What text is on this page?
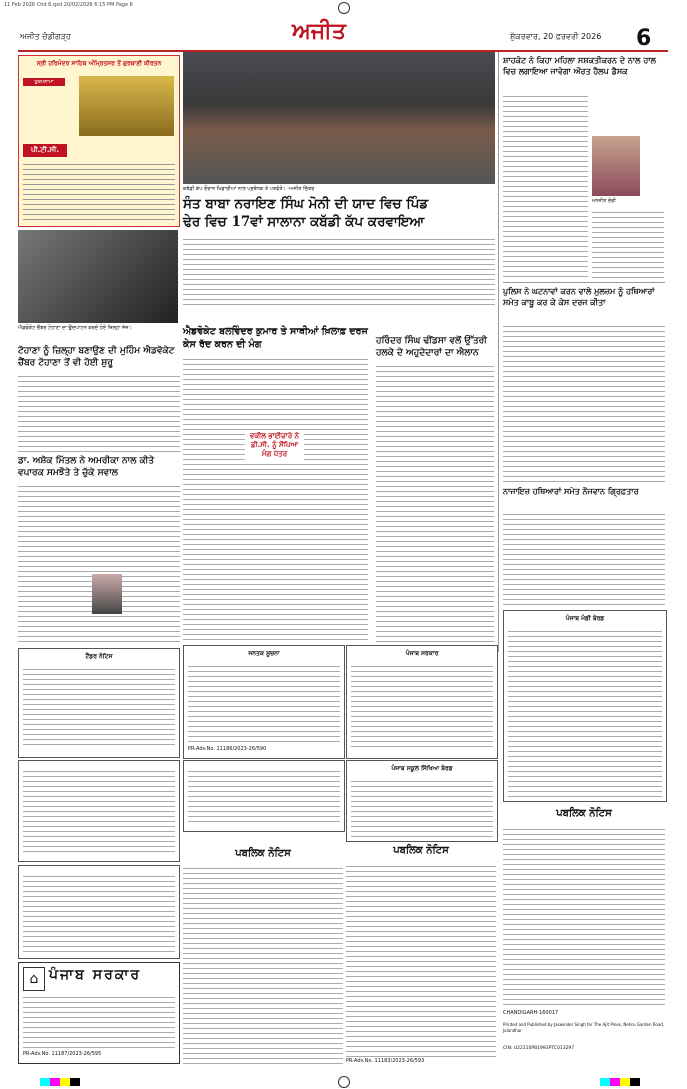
11 Feb 2026 Chd 6.qxd 20/02/2026 6:15 PM Page 6
ਅਜੀਤ ਚੰਡੀਗੜ੍ਹ	ਅਜੀਤ	ਸ਼ੁੱਕਰਵਾਰ, 20 ਫ਼ਰਵਰੀ 2026 6
ਸ੍ਰੀ ਹਰਿਮੰਦਰ ਸਾਹਿਬ ਅੰਮ੍ਰਿਤਸਰ ਤੋਂ ਗੁਰਬਾਣੀ ਕੀਰਤਨ
ਹੁਕਮਨਾਮਾ
ਪੀ.ਟੀ.ਸੀ.
ਕਬੱਡੀ ਕੱਪ ਦੌਰਾਨ ਖਿਡਾਰੀਆਂ ਨਾਲ ਪ੍ਰਬੰਧਕ ਤੇ ਪਤਵੰਤੇ। -ਅਜੀਤ ਚਿੱਤਰ
ਸੰਤ ਬਾਬਾ ਨਰਾਇਣ ਸਿੰਘ ਮੋਨੀ ਦੀ ਯਾਦ ਵਿਚ ਪਿੰਡ
ਢੇਰ ਵਿਚ 17ਵਾਂ ਸਾਲਾਨਾ ਕਬੱਡੀ ਕੱਪ ਕਰਵਾਇਆ
ਸ਼ਾਹਕੋਟ ਨੇ ਕਿਹਾ ਮਹਿਲਾ ਸਸ਼ਕਤੀਕਰਨ ਦੇ ਨਾਲ ਹਾਲ ਵਿਚ ਲਗਾਇਆ ਜਾਵੇਗਾ ਔਰਤ ਹੈਲਪ ਡੈਸਕ
ਮਨਜੀਤ ਦੇਵੀ
ਪੁਲਿਸ ਨੇ ਘਟਨਾਵਾਂ ਕਰਨ ਵਾਲੇ ਮੁਲਜ਼ਮ ਨੂੰ ਹਥਿਆਰਾਂ ਸਮੇਤ ਕਾਬੂ ਕਰ ਕੇ ਕੇਸ ਦਰਜ ਕੀਤਾ
ਨਾਜਾਇਜ਼ ਹਥਿਆਰਾਂ ਸਮੇਤ ਨੌਜਵਾਨ ਗ੍ਰਿਫ਼ਤਾਰ
ਐਡਵੋਕੇਟ ਚੈਂਬਰ ਟੋਹਾਣਾ ਦਾ ਉਦਘਾਟਨ ਕਰਦੇ ਹੋਏ ਜ਼ਿਲ੍ਹਾ ਜੱਜ।
ਟੋਹਾਣਾ ਨੂੰ ਜ਼ਿਲ੍ਹਾ ਬਣਾਉਣ ਦੀ ਮੁਹਿੰਮ ਐਡਵੋਕੇਟ ਚੈਂਬਰ ਟੋਹਾਣਾ ਤੋਂ ਵੀ ਹੋਈ ਸ਼ੁਰੂ
ਡਾ. ਅਸ਼ੋਕ ਮਿੱਤਲ ਨੇ ਅਮਰੀਕਾ ਨਾਲ ਕੀਤੇ ਵਪਾਰਕ ਸਮਝੌਤੇ ਤੇ ਚੁੱਕੇ ਸਵਾਲ
ਐਡਵੋਕੇਟ ਬਲਵਿੰਦਰ ਕੁਮਾਰ ਤੇ ਸਾਥੀਆਂ ਖ਼ਿਲਾਫ਼ ਦਰਜ ਕੇਸ ਰੱਦ ਕਰਨ ਦੀ ਮੰਗ
ਵਕੀਲ ਭਾਈਚਾਰੇ ਨੇ ਡੀ.ਸੀ. ਨੂੰ ਸੌਂਪਿਆ ਮੰਗ ਪੱਤਰ
ਹਰਿੰਦਰ ਸਿੰਘ ਢੀਂਡਸਾ ਵਲੋਂ ਉੱਤਰੀ ਹਲਕੇ ਦੇ ਅਹੁਦੇਦਾਰਾਂ ਦਾ ਐਲਾਨ
ਜਨਤਕ ਸੂਚਨਾ
PR-Adv.No. 11186/2023-26/590
ਪੰਜਾਬ ਸਰਕਾਰ
ਪੰਜਾਬ ਮੰਡੀ ਬੋਰਡ
ਟੈਂਡਰ ਨੋਟਿਸ
ਪੰਜਾਬ ਸਕੂਲ ਸਿੱਖਿਆ ਬੋਰਡ
ਪਬਲਿਕ ਨੋਟਿਸ	ਪਬਲਿਕ ਨੋਟਿਸ
PR-Adv.No. 11183/2023-26/593
ਪਬਲਿਕ ਨੋਟਿਸ
⌂ ਪੰਜਾਬ ਸਰਕਾਰ
PR-Adv.No. 11187/2023-26/595
CHANDIGARH-160017
Printed and Published by Jaswinder Singh for The Ajit Press, Nehru Garden Road, Jalandhar
CIN: U22110PB1993PTC013297
